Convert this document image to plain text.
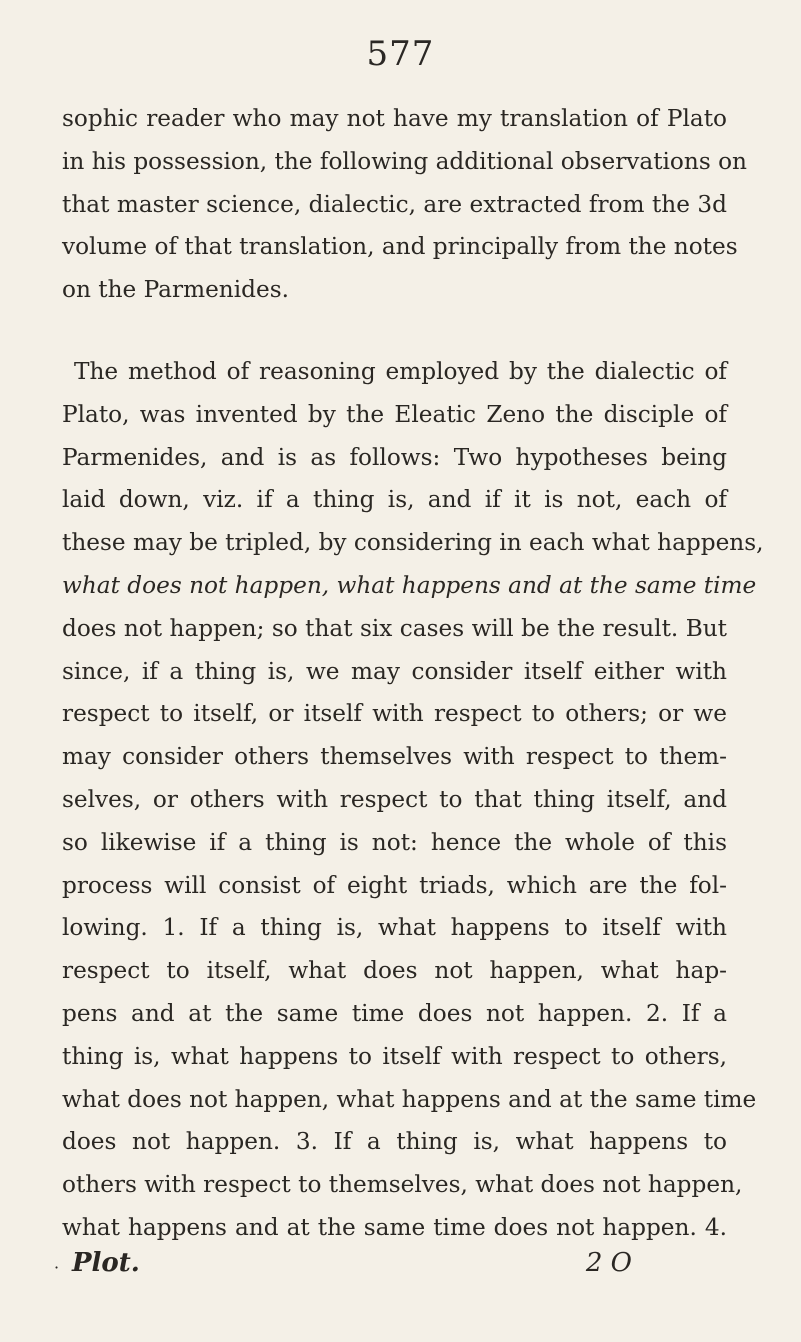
577
sophic reader who may not have my translation of Plato
in his possession, the following additional observations on
that master science, dialectic, are extracted from the 3d
volume of that translation, and principally from the notes
on the Parmenides.
The method of reasoning employed by the dialectic of
Plato, was invented by the Eleatic Zeno the disciple of
Parmenides, and is as follows: Two hypotheses being
laid down, viz. if a thing is, and if it is not, each of
these may be tripled, by considering in each what happens,
what does not happen, what happens and at the same time
does not happen; so that six cases will be the result. But
since, if a thing is, we may consider itself either with
respect to itself, or itself with respect to others; or we
may consider others themselves with respect to them-
selves, or others with respect to that thing itself, and
so likewise if a thing is not: hence the whole of this
process will consist of eight triads, which are the fol-
lowing. 1. If a thing is, what happens to itself with
respect to itself, what does not happen, what hap-
pens and at the same time does not happen. 2. If a
thing is, what happens to itself with respect to others,
what does not happen, what happens and at the same time
does not happen. 3. If a thing is, what happens to
others with respect to themselves, what does not happen,
what happens and at the same time does not happen. 4.
· Plot.	2 O
